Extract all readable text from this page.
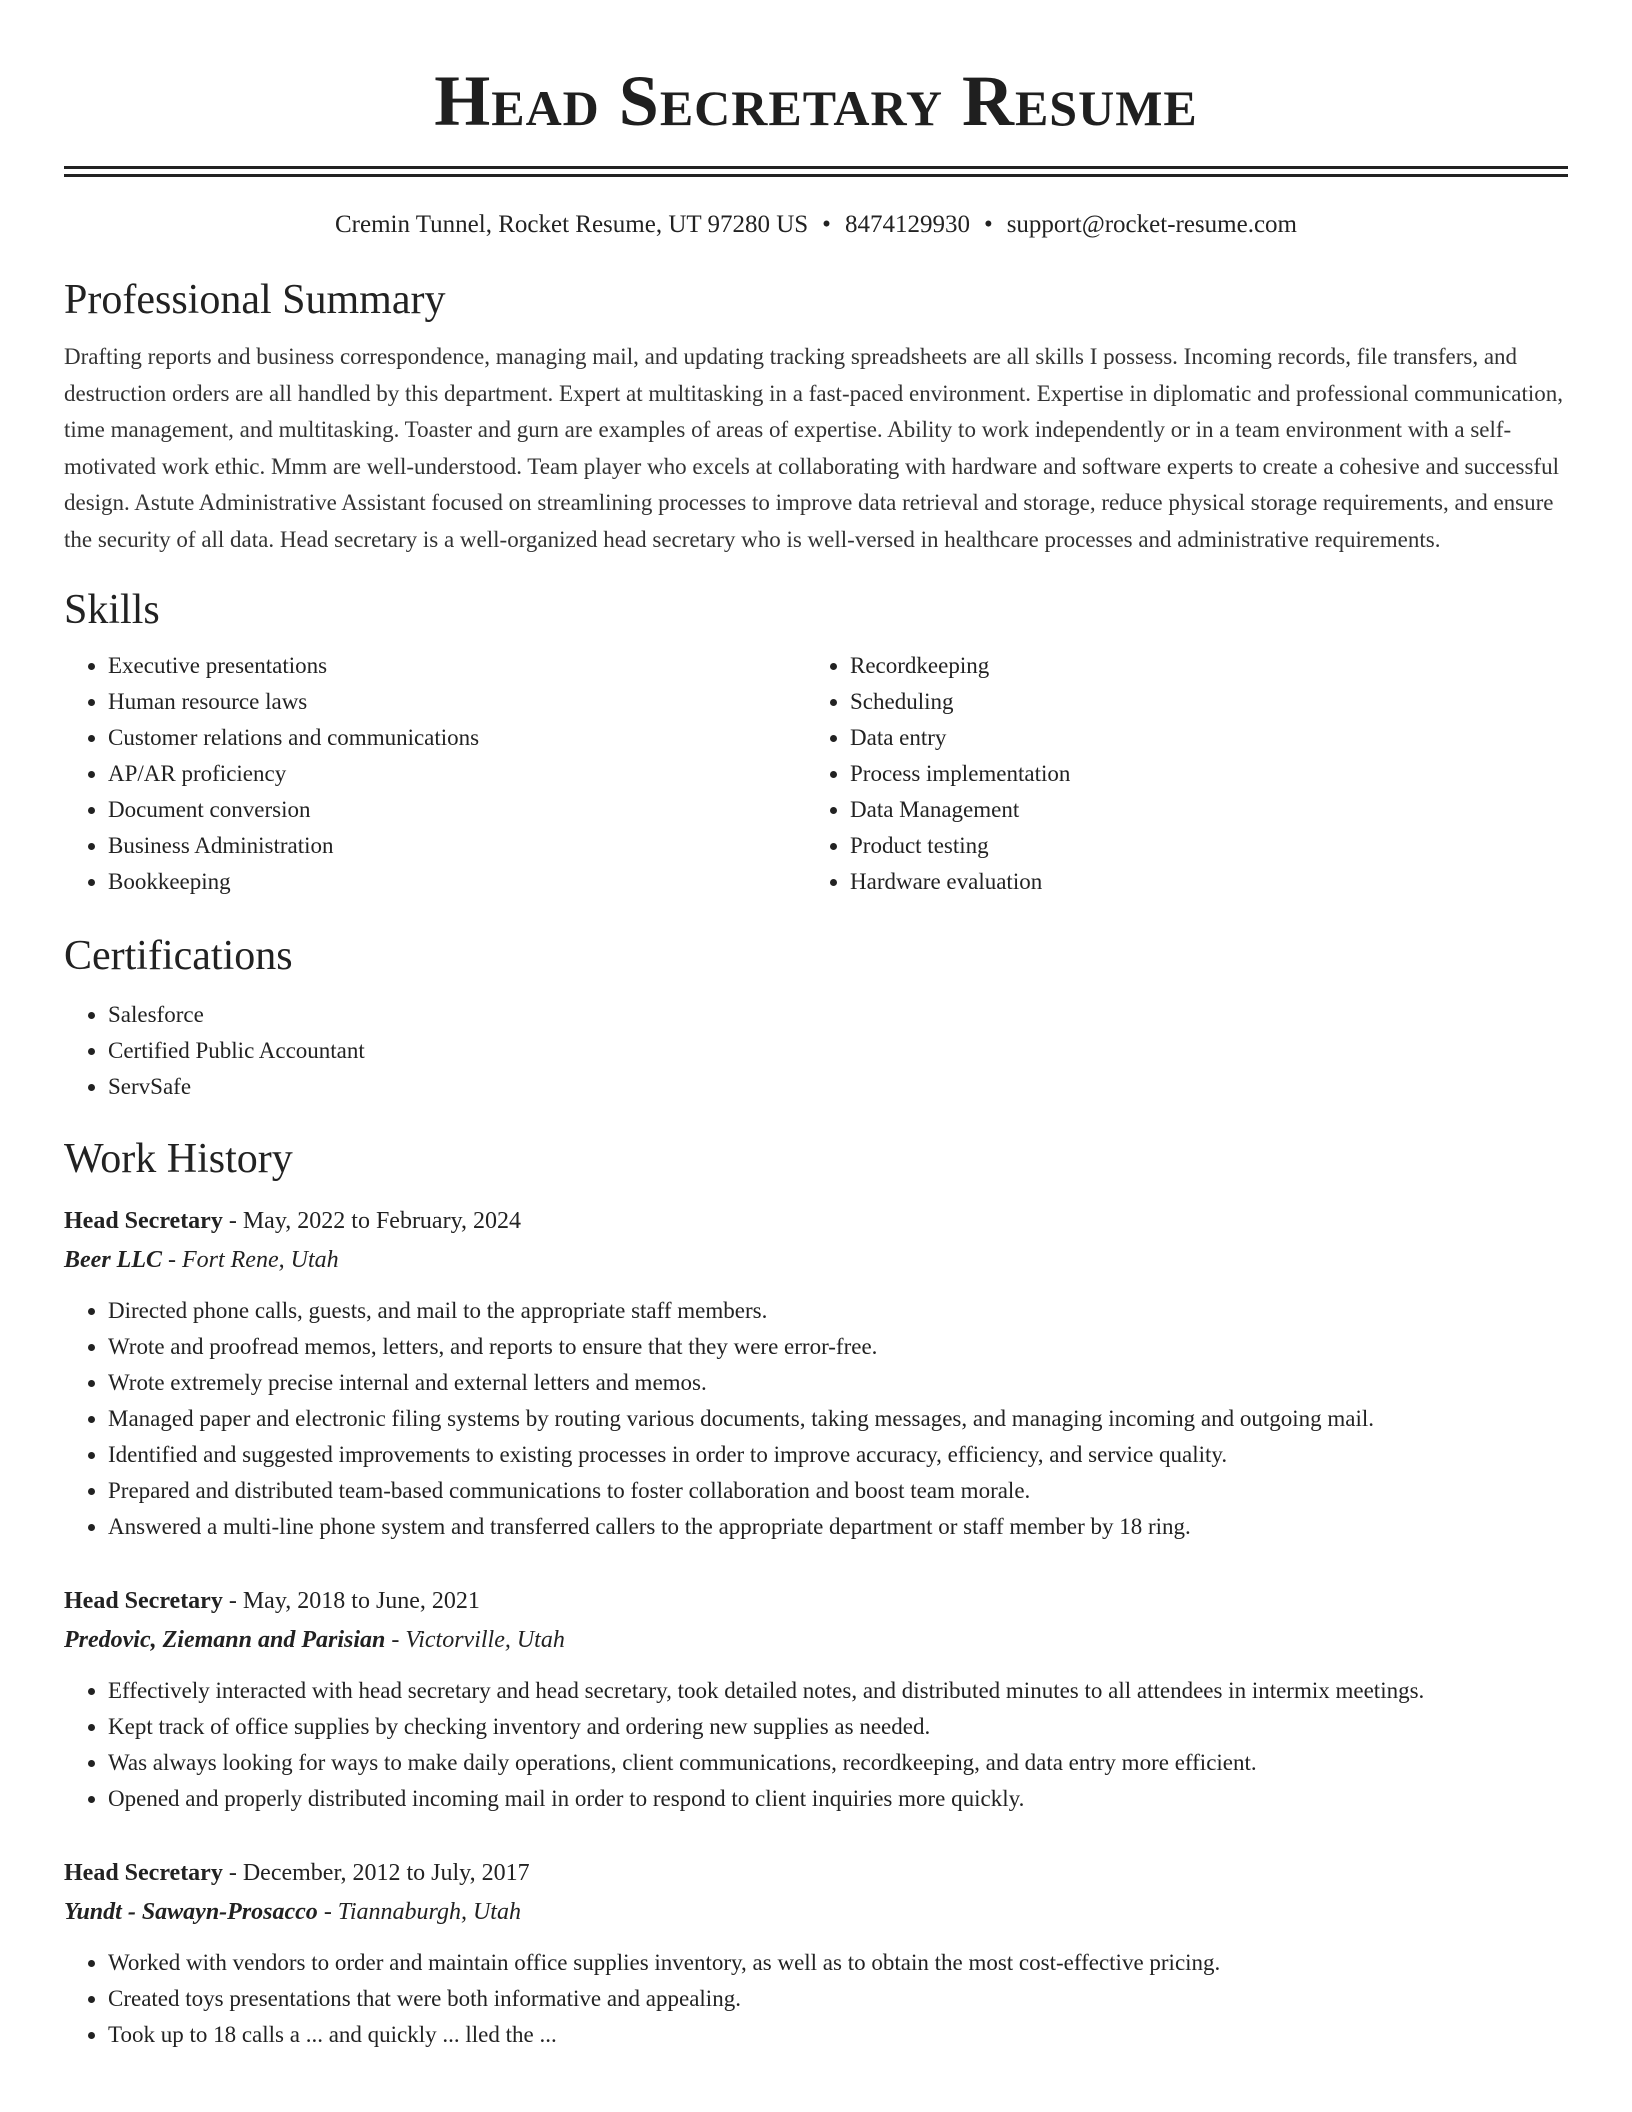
Head Secretary Resume
Cremin Tunnel, Rocket Resume, UT 97280 US • 8474129930 • support@rocket-resume.com
Professional Summary

Drafting reports and business correspondence, managing mail, and updating tracking spreadsheets are all skills I possess. Incoming records, file transfers, and destruction orders are all handled by this department. Expert at multitasking in a fast-paced environment. Expertise in diplomatic and professional communication, time management, and multitasking. Toaster and gurn are examples of areas of expertise. Ability to work independently or in a team environment with a self-motivated work ethic. Mmm are well-understood. Team player who excels at collaborating with hardware and software experts to create a cohesive and successful design. Astute Administrative Assistant focused on streamlining processes to improve data retrieval and storage, reduce physical storage requirements, and ensure the security of all data. Head secretary is a well-organized head secretary who is well-versed in healthcare processes and administrative requirements.

Skills
• Executive presentations
• Human resource laws
• Customer relations and communications
• AP/AR proficiency
• Document conversion
• Business Administration
• Bookkeeping
• Recordkeeping
• Scheduling
• Data entry
• Process implementation
• Data Management
• Product testing
• Hardware evaluation
Certifications
• Salesforce
• Certified Public Accountant
• ServSafe
Work History
Head Secretary - May, 2022 to February, 2024
Beer LLC - Fort Rene, Utah
• Directed phone calls, guests, and mail to the appropriate staff members.
• Wrote and proofread memos, letters, and reports to ensure that they were error-free.
• Wrote extremely precise internal and external letters and memos.
• Managed paper and electronic filing systems by routing various documents, taking messages, and managing incoming and outgoing mail.
• Identified and suggested improvements to existing processes in order to improve accuracy, efficiency, and service quality.
• Prepared and distributed team-based communications to foster collaboration and boost team morale.
• Answered a multi-line phone system and transferred callers to the appropriate department or staff member by 18 ring.
Head Secretary - May, 2018 to June, 2021
Predovic, Ziemann and Parisian - Victorville, Utah
• Effectively interacted with head secretary and head secretary, took detailed notes, and distributed minutes to all attendees in intermix meetings.
• Kept track of office supplies by checking inventory and ordering new supplies as needed.
• Was always looking for ways to make daily operations, client communications, recordkeeping, and data entry more efficient.
• Opened and properly distributed incoming mail in order to respond to client inquiries more quickly.
Head Secretary - December, 2012 to July, 2017
Yundt - Sawayn-Prosacco - Tiannaburgh, Utah
• Worked with vendors to order and maintain office supplies inventory, as well as to obtain the most cost-effective pricing.
• Created toys presentations that were both informative and appealing.
• Took up to 18 calls a ... and quickly ... lled the ...
